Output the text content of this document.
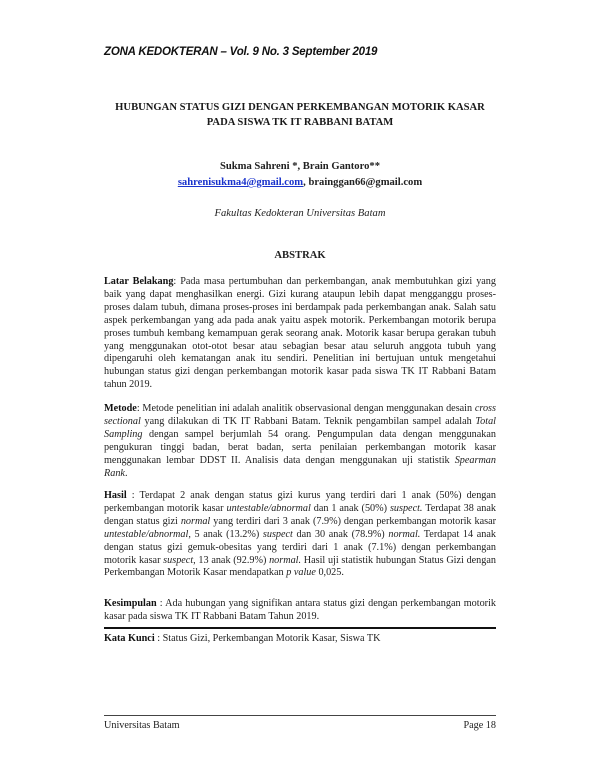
ZONA KEDOKTERAN – Vol. 9 No. 3 September 2019
HUBUNGAN STATUS GIZI DENGAN PERKEMBANGAN MOTORIK KASAR
PADA SISWA TK IT RABBANI BATAM
Sukma Sahreni *, Brain Gantoro**
sahrenisukma4@gmail.com, brainggan66@gmail.com
Fakultas Kedokteran Universitas Batam
ABSTRAK
Latar Belakang: Pada masa pertumbuhan dan perkembangan, anak membutuhkan gizi yang baik yang dapat menghasilkan energi. Gizi kurang ataupun lebih dapat mengganggu proses-proses dalam tubuh, dimana proses-proses ini berdampak pada perkembangan anak. Salah satu aspek perkembangan yang ada pada anak yaitu aspek motorik. Perkembangan motorik berupa proses tumbuh kembang kemampuan gerak seorang anak. Motorik kasar berupa gerakan tubuh yang menggunakan otot-otot besar atau sebagian besar atau seluruh anggota tubuh yang dipengaruhi oleh kematangan anak itu sendiri. Penelitian ini bertujuan untuk mengetahui hubungan status gizi dengan perkembangan motorik kasar pada siswa TK IT Rabbani Batam tahun 2019.
Metode: Metode penelitian ini adalah analitik observasional dengan menggunakan desain cross sectional yang dilakukan di TK IT Rabbani Batam. Teknik pengambilan sampel adalah Total Sampling dengan sampel berjumlah 54 orang. Pengumpulan data dengan menggunakan pengukuran tinggi badan, berat badan, serta penilaian perkembangan motorik kasar menggunakan lembar DDST II. Analisis data dengan menggunakan uji statistik Spearman Rank.
Hasil : Terdapat 2 anak dengan status gizi kurus yang terdiri dari 1 anak (50%) dengan perkembangan motorik kasar untestable/abnormal dan 1 anak (50%) suspect. Terdapat 38 anak dengan status gizi normal yang terdiri dari 3 anak (7.9%) dengan perkembangan motorik kasar untestable/abnormal, 5 anak (13.2%) suspect dan 30 anak (78.9%) normal. Terdapat 14 anak dengan status gizi gemuk-obesitas yang terdiri dari 1 anak (7.1%) dengan perkembangan motorik kasar suspect, 13 anak (92.9%) normal. Hasil uji statistik hubungan Status Gizi dengan Perkembangan Motorik Kasar mendapatkan p value 0,025.
Kesimpulan : Ada hubungan yang signifikan antara status gizi dengan perkembangan motorik kasar pada siswa TK IT Rabbani Batam Tahun 2019.
Kata Kunci : Status Gizi, Perkembangan Motorik Kasar, Siswa TK
Universitas Batam	Page 18
